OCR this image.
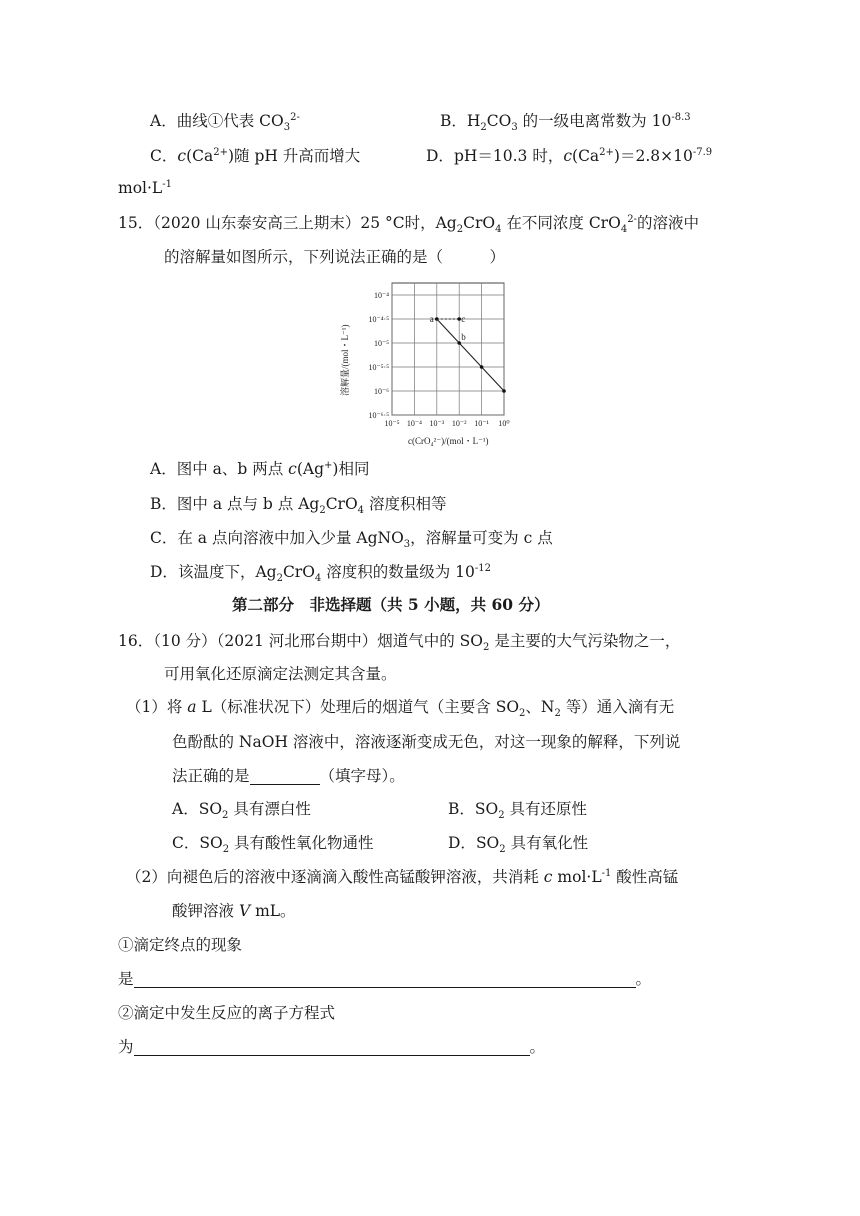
A．曲线①代表 $CO_3^{2-}$	B．$H_2CO_3$ 的一级电离常数为 $10^{-8.3}$
C．$c(Ca^{2+})$随 pH 升高而增大	D．pH＝10.3 时，$c(Ca^{2+})=2.8\times 10^{-7.9}$
$mol\cdot L^{-1}$
15．（2020 山东泰安高三上期末）25 °C时，$Ag_2CrO_4$ 在不同浓度 CrO$_4^{2-}$的溶液中
的溶解量如图所示，下列说法正确的是（　　　）
10⁻⁴
10⁻⁴·⁵
10⁻⁵
10⁻⁵·⁵
10⁻⁶
10⁻⁶·⁵
10⁻⁵ 10⁻⁴ 10⁻³ 10⁻² 10⁻¹ 10⁰
a	c
b
溶解量/(mol・L⁻¹)
c(CrO₄²⁻)/(mol・L⁻¹)
A．图中 a、b 两点 c(Ag+)相同
B．图中 a 点与 b 点 $Ag_2CrO_4$ 溶度积相等
C．在 a 点向溶液中加入少量 AgNO$_3$，溶解量可变为 c 点
D．该温度下，$Ag_2CrO_4$ 溶度积的数量级为 $10^{-12}$
第二部分　非选择题（共 5 小题，共 60 分）
16．（10 分）（2021 河北邢台期中）烟道气中的 $SO_2$ 是主要的大气污染物之一，
可用氧化还原滴定法测定其含量。
（1）将 a L（标准状况下）处理后的烟道气（主要含 $SO_2$、$N_2$ 等）通入滴有无
色酚酞的 NaOH 溶液中，溶液逐渐变成无色，对这一现象的解释，下列说
法正确的是	（填字母）。
A．$SO_2$ 具有漂白性	B．$SO_2$ 具有还原性
C．$SO_2$ 具有酸性氧化物通性	D．$SO_2$ 具有氧化性
（2）向褪色后的溶液中逐滴滴入酸性高锰酸钾溶液，共消耗 c $mol\cdot L^{-1}$ 酸性高锰
酸钾溶液 V mL。
①滴定终点的现象
是	。
②滴定中发生反应的离子方程式
为	。
